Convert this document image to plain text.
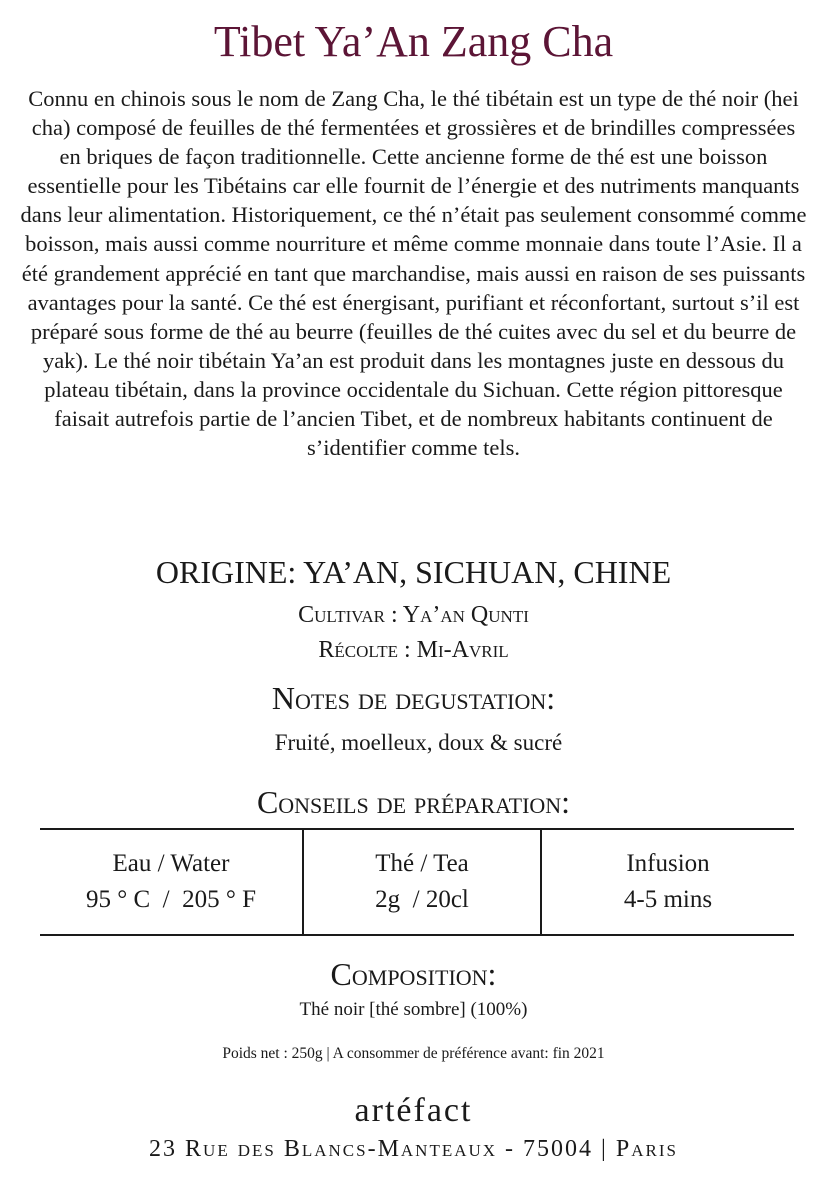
Tibet Ya’An Zang Cha

Connu en chinois sous le nom de Zang Cha, le thé tibétain est un type de thé noir (hei cha) composé de feuilles de thé fermentées et grossières et de brindilles compressées en briques de façon traditionnelle. Cette ancienne forme de thé est une boisson essentielle pour les Tibétains car elle fournit de l’énergie et des nutriments manquants dans leur alimentation. Historiquement, ce thé n’était pas seulement consommé comme boisson, mais aussi comme nourriture et même comme monnaie dans toute l’Asie. Il a été grandement apprécié en tant que marchandise, mais aussi en raison de ses puissants avantages pour la santé. Ce thé est énergisant, purifiant et réconfortant, surtout s’il est préparé sous forme de thé au beurre (feuilles de thé cuites avec du sel et du beurre de yak). Le thé noir tibétain Ya’an est produit dans les montagnes juste en dessous du plateau tibétain, dans la province occidentale du Sichuan. Cette région pittoresque faisait autrefois partie de l’ancien Tibet, et de nombreux habitants continuent de s’identifier comme tels.

ORIGINE: YA’AN, SICHUAN, CHINE
Cultivar : Ya’an Qunti
Récolte : Mi-Avril
Notes de degustation:
Fruité, moelleux, doux & sucré
Conseils de préparation:
Eau / Water
95 ° C  /  205 ° F
Thé / Tea
2g  / 20cl
Infusion
4-5 mins
Composition:
Thé noir [thé sombre] (100%)
Poids net : 250g | A consommer de préférence avant: fin 2021
artéfact
23 Rue des Blancs-Manteaux - 75004 | Paris
